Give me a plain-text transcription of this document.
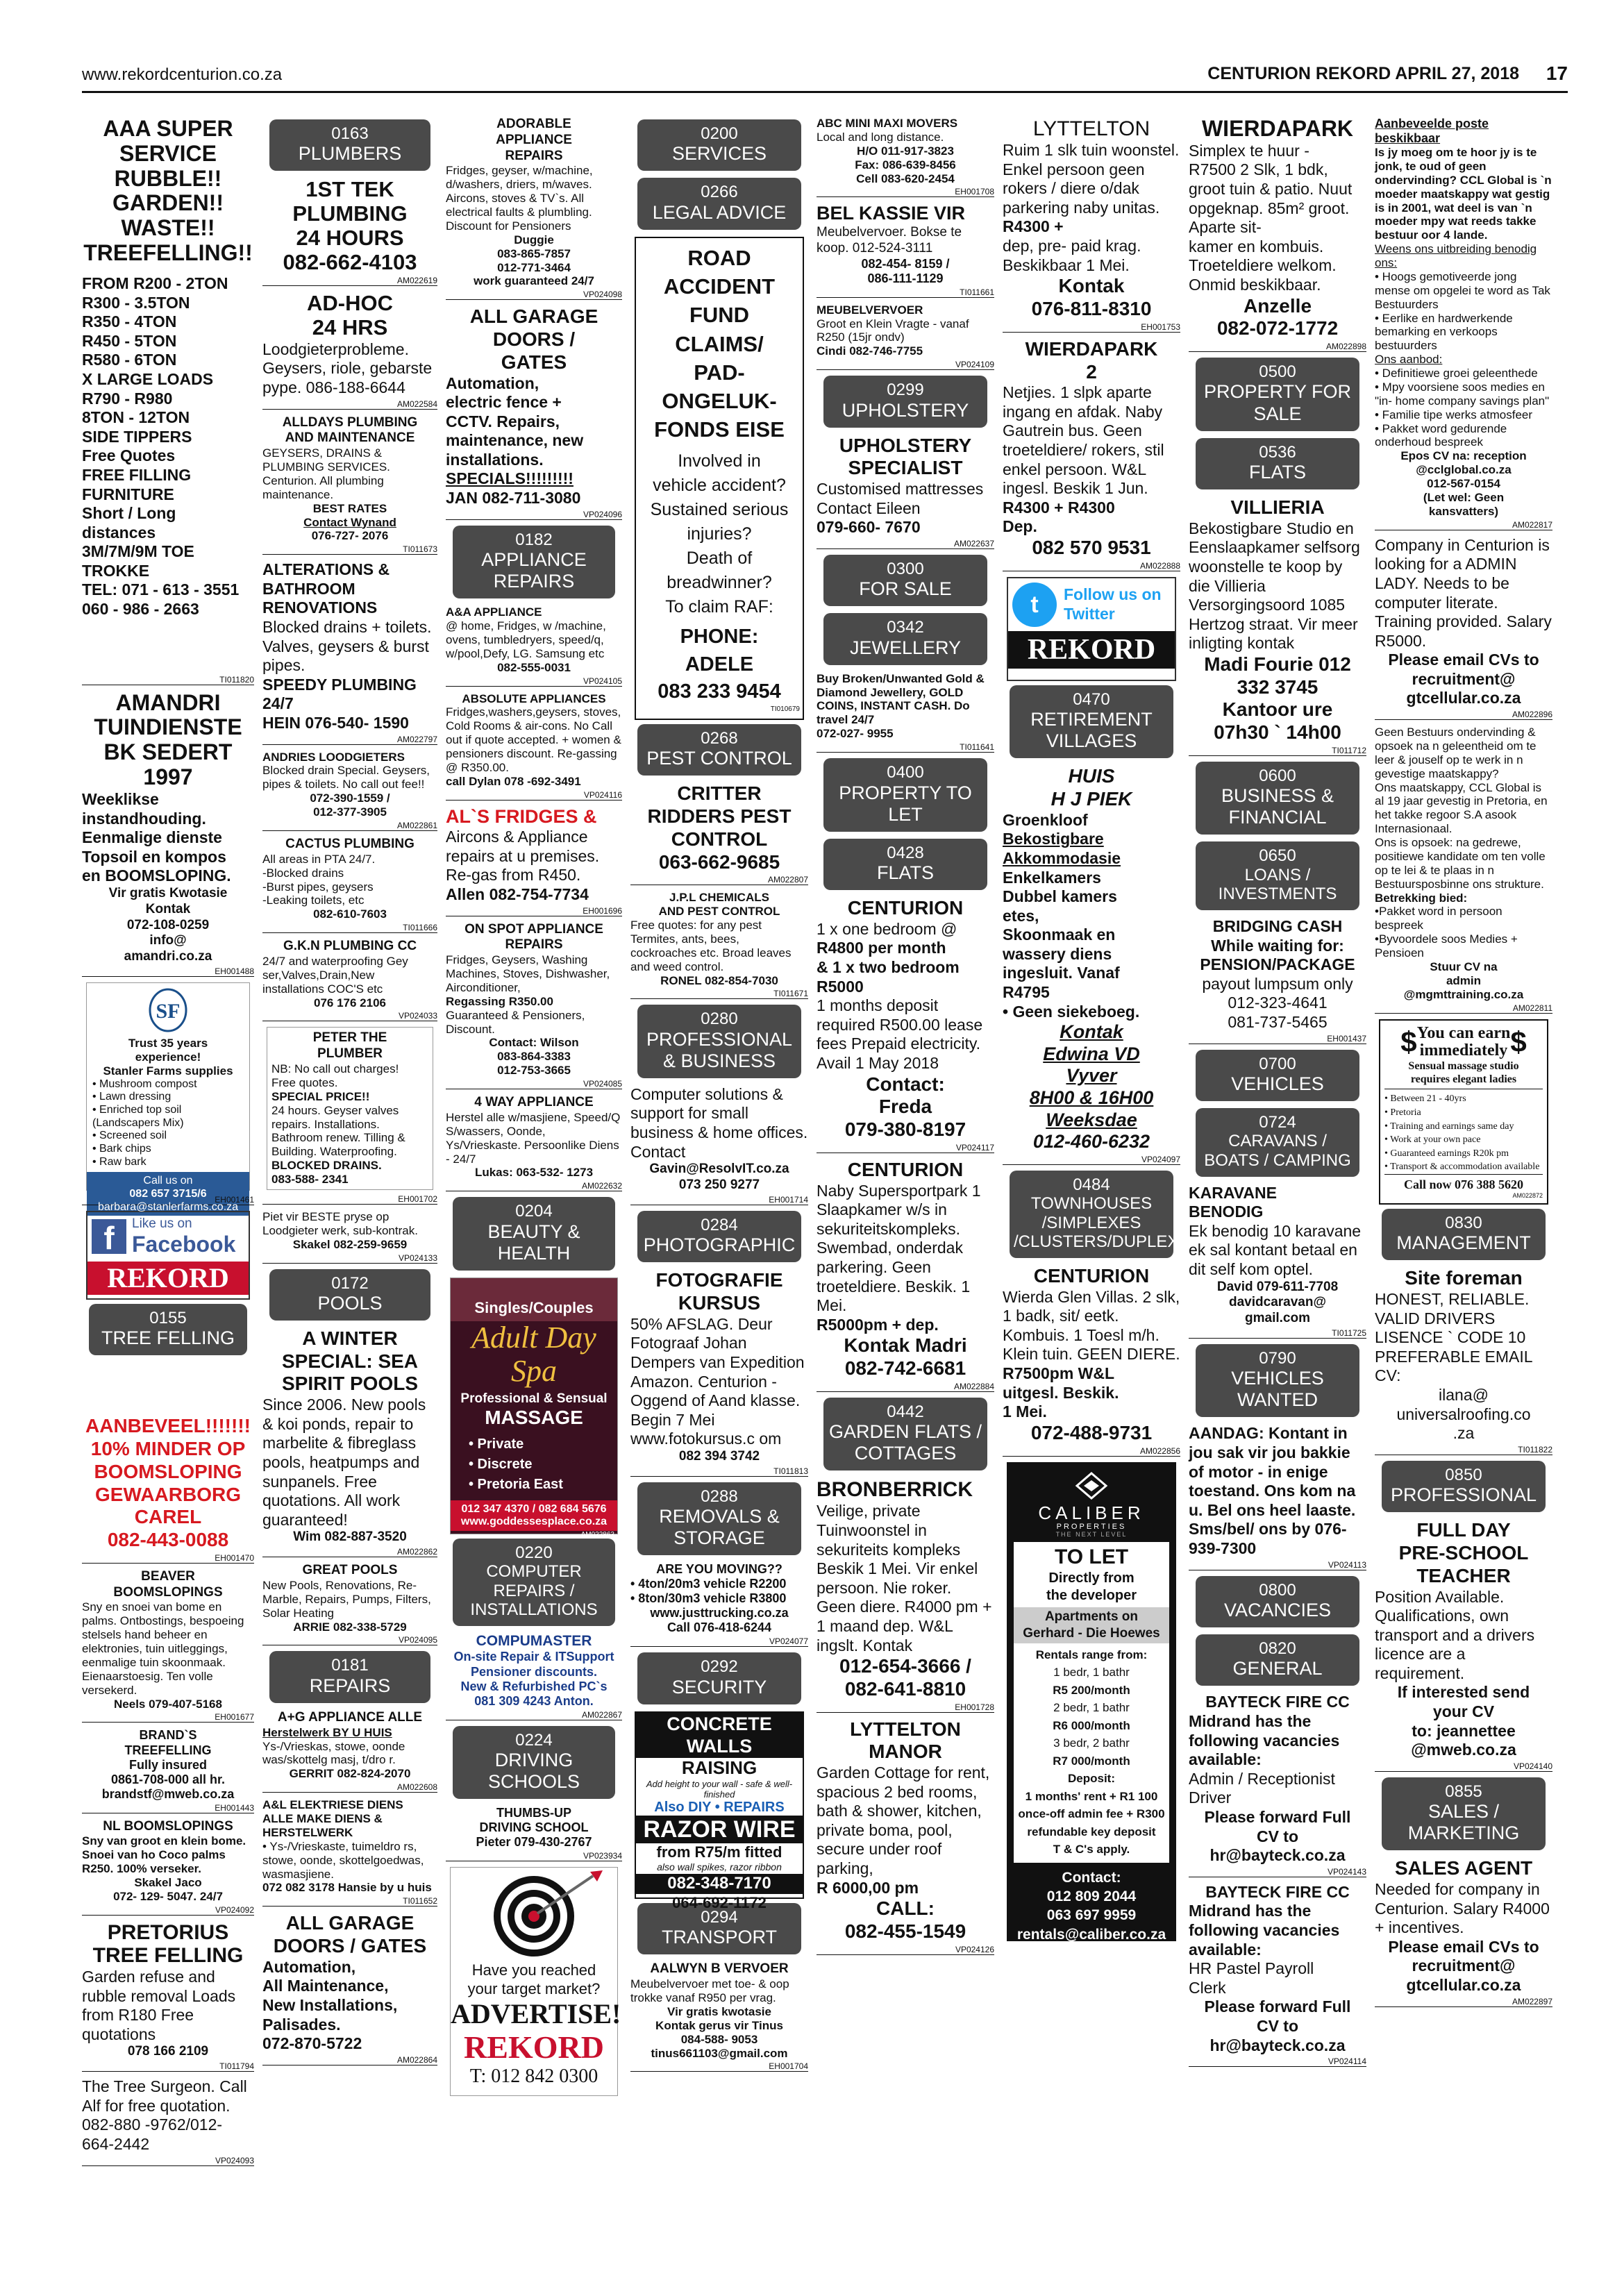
www.rekordcenturion.co.za	CENTURION REKORD APRIL 27, 2018 17

AAA SUPER

SERVICE

RUBBLE!!

GARDEN!!

WASTE!!

TREEFELLING!!

FROM R200 - 2TON

R300 - 3.5TON

R350 - 4TON

R450 - 5TON

R580 - 6TON

X LARGE LOADS

R790 - R980

8TON - 12TON

SIDE TIPPERS

Free Quotes

FREE FILLING

FURNITURE

Short / Long

distances

3M/7M/9M TOE

TROKKE

TEL: 071 - 613 - 3551

060 - 986 - 2663

TI011820

AMANDRI

TUINDIENSTE

BK SEDERT

1997

Weeklikse

instandhouding.

Eenmalige dienste

Topsoil en kompos

en BOOMSLOPING.

Vir gratis Kwotasie

Kontak

072-108-0259

info@

amandri.co.za

EH001488
SF

Trust 35 years

experience!

Stanler Farms supplies

• Mushroom compost

• Lawn dressing

• Enriched top soil

(Landscapers Mix)

• Screened soil

• Bark chips

• Raw bark

Call us on

082 657 3715/6

barbara@stanlerfarms.co.za

EH001461
f	Like us on

Facebook

REKORD
0155
TREE FELLING

AANBEVEEL!!!!!!!

10% MINDER OP

BOOMSLOPING

GEWAARBORG

CAREL

082-443-0088

EH001470

BEAVER

BOOMSLOPINGS

Sny en snoei van bome en palms. Ontbostings, bespoeing stelsels hand beheer en elektronies, tuin uitleggings, eenmalige tuin skoonmaak. Eienaarstoesig. Ten volle versekerd.

Neels 079-407-5168

EH001677

BRAND`S

TREEFELLING

Fully insured

0861-708-000 all hr.

brandstf@mweb.co.za

EH001443

NL BOOMSLOPINGS

Sny van groot en klein bome. Snoei van ho Coco palms R250. 100% verseker.

Skakel Jaco

072- 129- 5047. 24/7

VP024092

PRETORIUS

TREE FELLING

Garden refuse and rubble removal Loads from R180 Free quotations

078 166 2109

TI011794

The Tree Surgeon. Call Alf for free quotation. 082-880 -9762/012-664-2442

VP024093
0163
PLUMBERS

1ST TEK

PLUMBING

24 HOURS

082-662-4103

AM022619

AD-HOC

24 HRS

Loodgieterprobleme. Geysers, riole, gebarste pype. 086-188-6644

AM022584

ALLDAYS PLUMBING

AND MAINTENANCE

GEYSERS, DRAINS & PLUMBING SERVICES. Centurion. All plumbing maintenance.

BEST RATES

Contact Wynand

076-727- 2076

TI011673

ALTERATIONS &

BATHROOM

RENOVATIONS

Blocked drains + toilets. Valves, geysers & burst pipes.

SPEEDY PLUMBING

24/7

HEIN 076-540- 1590

AM022797

ANDRIES LOODGIETERS

Blocked drain Special. Geysers, pipes & toilets. No call out fee!!

072-390-1559 /

012-377-3905

AM022861

CACTUS PLUMBING

All areas in PTA 24/7.

-Blocked drains

-Burst pipes, geysers

-Leaking toilets, etc

082-610-7603

TI011666

G.K.N PLUMBING CC

24/7 and waterproofing Gey ser,Valves,Drain,New installations COC'S etc

076 176 2106

VP024033

PETER THE

PLUMBER

NB: No call out charges!

Free quotes.

SPECIAL PRICE!!

24 hours. Geyser valves repairs. Installations. Bathroom renew. Tilling & Building. Waterproofing.

BLOCKED DRAINS.

083-588- 2341

EH001702

Piet vir BESTE pryse op Loodgieter werk, sub-kontrak.

Skakel 082-259-9659

VP024133
0172
POOLS

A WINTER

SPECIAL: SEA

SPIRIT POOLS

Since 2006. New pools & koi ponds, repair to marbelite & fibreglass pools, heatpumps and sunpanels. Free quotations. All work guaranteed!

Wim 082-887-3520

AM022862

GREAT POOLS

New Pools, Renovations, Re-Marble, Repairs, Pumps, Filters, Solar Heating

ARRIE 082-338-5729

VP024095
0181
REPAIRS

A+G APPLIANCE ALLE

Herstelwerk BY U HUIS

Ys-/Vrieskas, stowe, oonde was/skottelg masj, t/dro r.

GERRIT 082-824-2070

AM022608

A&L ELEKTRIESE DIENS

ALLE MAKE DIENS &

HERSTELWERK

• Ys-/Vrieskaste, tuimeldro rs, stowe, oonde, skottelgoedwas, wasmasjiene.

072 082 3178 Hansie by u huis

TI011652

ALL GARAGE

DOORS / GATES

Automation,

All Maintenance,

New Installations,

Palisades.

072-870-5722

AM022864

ADORABLE

APPLIANCE

REPAIRS

Fridges, geyser, w/machine, d/washers, driers, m/waves. Aircons, stoves & TV`s. All electrical faults & plumbling. Discount for Pensioners

Duggie

083-865-7857

012-771-3464

work guaranteed 24/7

VP024098

ALL GARAGE

DOORS /

GATES

Automation,

electric fence +

CCTV. Repairs,

maintenance, new

installations.

SPECIALS!!!!!!!!!

JAN 082-711-3080

VP024096
0182
APPLIANCE REPAIRS

A&A APPLIANCE

@ home, Fridges, w /machine, ovens, tumbledryers, speed/q, w/pool,Defy, LG. Samsung etc

082-555-0031

VP024105

ABSOLUTE APPLIANCES

Fridges,washers,geysers, stoves, Cold Rooms & air-cons. No Call out if quote accepted. + women & pensioners discount. Re-gassing @ R350.00.

call Dylan 078 -692-3491

VP024116

AL`S FRIDGES &

Aircons & Appliance repairs at u premises. Re-gas from R450.

Allen 082-754-7734

EH001696

ON SPOT APPLIANCE

REPAIRS

Fridges, Geysers, Washing Machines, Stoves, Dishwasher, Airconditioner,

Regassing R350.00

Guaranteed & Pensioners, Discount.

Contact: Wilson

083-864-3383

012-753-3665

VP024085

4 WAY APPLIANCE

Herstel alle w/masjiene, Speed/Q S/wassers, Oonde, Ys/Vrieskaste. Persoonlike Diens - 24/7

Lukas: 063-532- 1273

AM022632
0204
BEAUTY & HEALTH
Singles/Couples
Adult Day Spa
Professional & Sensual
MASSAGE

• Private

• Discrete

• Pretoria East

012 347 4370 / 082 684 5676

www.goddessesplace.co.za

AM022863
0220
COMPUTER REPAIRS / INSTALLATIONS

COMPUMASTER

On-site Repair & ITSupport

Pensioner discounts.

New & Refurbished PC`s

081 309 4243 Anton.

AM022867
0224
DRIVING SCHOOLS

THUMBS-UP

DRIVING SCHOOL

Pieter 079-430-2767

VP023934

Have you reached

your target market?

ADVERTISE!
REKORD
T: 012 842 0300
0200
SERVICES
0266
LEGAL ADVICE

ROAD

ACCIDENT

FUND

CLAIMS/

PAD-

ONGELUK-

FONDS EISE

Involved in

vehicle accident?

Sustained serious

injuries?

Death of

breadwinner?

To claim RAF:

PHONE:

ADELE

083 233 9454

TI010679
0268
PEST CONTROL

CRITTER

RIDDERS PEST

CONTROL

063-662-9685

AM022807

J.P.L CHEMICALS

AND PEST CONTROL

Free quotes: for any pest Termites, ants, bees, cockroaches etc. Broad leaves and weed control.

RONEL 082-854-7030

TI011671
0280
PROFESSIONAL & BUSINESS

Computer solutions & support for small business & home offices. Contact

Gavin@ResolvIT.co.za

073 250 9277

EH001714
0284
PHOTOGRAPHIC

FOTOGRAFIE

KURSUS

50% AFSLAG. Deur Fotograaf Johan Dempers van Expedition Amazon. Centurion - Oggend of Aand klasse. Begin 7 Mei www.fotokursus.c om

082 394 3742

TI011813
0288
REMOVALS & STORAGE

ARE YOU MOVING??

• 4ton/20m3 vehicle R2200

• 8ton/30m3 vehicle R3800

www.justtrucking.co.za

Call 076-418-6244

VP024077
0292
SECURITY
CONCRETE WALLS
RAISING
Add height to your wall - safe & well-finished
Also DIY • REPAIRS
RAZOR WIRE
from R75/m fitted
also wall spikes, razor ribbon
082-348-7170
064-692-1172
0294
TRANSPORT

AALWYN B VERVOER

Meubelvervoer met toe- & oop trokke vanaf R950 per vrag.

Vir gratis kwotasie

Kontak gerus vir Tinus

084-588- 9053

tinus661103@gmail.com

EH001704

ABC MINI MAXI MOVERS

Local and long distance.

H/O 011-917-3823

Fax: 086-639-8456

Cell 083-620-2454

EH001708

BEL KASSIE VIR

Meubelvervoer. Bokse te koop. 012-524-3111

082-454- 8159 /

086-111-1129

TI011661

MEUBELVERVOER

Groot en Klein Vragte - vanaf R250 (15jr ondv)

Cindi 082-746-7755

VP024109
0299
UPHOLSTERY

UPHOLSTERY

SPECIALIST

Customised mattresses Contact Eileen

079-660- 7670

AM022637
0300
FOR SALE
0342
JEWELLERY

Buy Broken/Unwanted Gold & Diamond Jewellery, GOLD COINS, INSTANT CASH. Do travel 24/7

072-027- 9955

TI011641
0400
PROPERTY TO LET
0428
FLATS

CENTURION

1 x one bedroom @

R4800 per month

& 1 x two bedroom

R5000

1 months deposit required R500.00 lease fees Prepaid electricity. Avail 1 May 2018

Contact:

Freda

079-380-8197

VP024117

CENTURION

Naby Supersportpark 1 Slaapkamer w/s in sekuriteitskompleks. Swembad, onderdak parkering. Geen troeteldiere. Beskik. 1 Mei.

R5000pm + dep.

Kontak Madri

082-742-6681

AM022884
0442
GARDEN FLATS / COTTAGES

BRONBERRICK

Veilige, private Tuinwoonstel in sekuriteits kompleks Beskik 1 Mei. Vir enkel persoon. Nie roker. Geen diere. R4000 pm + 1 maand dep. W&L ingslt. Kontak

012-654-3666 /

082-641-8810

EH001728

LYTTELTON

MANOR

Garden Cottage for rent, spacious 2 bed rooms, bath & shower, kitchen, private boma, pool, secure under roof parking,

R 6000,00 pm

CALL:

082-455-1549

VP024126

LYTTELTON

Ruim 1 slk tuin woonstel. Enkel persoon geen rokers / diere o/dak parkering naby unitas.

R4300 +

dep, pre- paid krag. Beskikbaar 1 Mei.

Kontak

076-811-8310

EH001753

WIERDAPARK

2

Netjies. 1 slpk aparte ingang en afdak. Naby Gautrein bus. Geen troeteldiere/ rokers, stil enkel persoon. W&L ingesl. Beskik 1 Jun.

R4300 + R4300

Dep.

082 570 9531

AM022888
t	Follow us on

Twitter

REKORD
0470
RETIREMENT VILLAGES

HUIS

H J PIEK

Groenkloof

Bekostigbare

Akkommodasie

Enkelkamers

Dubbel kamers

etes,

Skoonmaak en

wassery diens

ingesluit. Vanaf

R4795

• Geen siekeboeg.

Kontak

Edwina VD

Vyver

8H00 & 16H00

Weeksdae

012-460-6232

VP024097
0484
TOWNHOUSES /SIMPLEXES /CLUSTERS/DUPLEXES

CENTURION

Wierda Glen Villas. 2 slk, 1 badk, sit/ eetk. Kombuis. 1 Toesl m/h. Klein tuin. GEEN DIERE.

R7500pm W&L

uitgesl. Beskik.

1 Mei.

072-488-9731

AM022856
CALIBER
PROPERTIES
THE NEXT LEVEL

TO LET

Directly from

the developer

Apartments on

Gerhard - Die Hoewes

Rentals range from:

1 bedr, 1 bathr

R5 200/month

2 bedr, 1 bathr

R6 000/month

3 bedr, 2 bathr

R7 000/month

Deposit:

1 months' rent + R1 100

once-off admin fee + R300

refundable key deposit

T & C's apply.

Contact:

012 809 2044

063 697 9959

rentals@caliber.co.za

www.caliber.co.za

AM022966

WIERDAPARK

Simplex te huur -

R7500 2 Slk, 1 bdk, groot tuin & patio. Nuut opgeknap. 85m² groot. Aparte sit-

kamer en kombuis. Troeteldiere welkom. Onmid beskikbaar.

Anzelle

082-072-1772

AM022898
0500
PROPERTY FOR SALE
0536
FLATS

VILLIERIA

Bekostigbare Studio en Eenslaapkamer selfsorg woonstelle te koop by die Villieria Versorgingsoord 1085 Hertzog straat. Vir meer inligting kontak

Madi Fourie 012

332 3745

Kantoor ure

07h30 ` 14h00

TI011712
0600
BUSINESS & FINANCIAL
0650
LOANS / INVESTMENTS

BRIDGING CASH

While waiting for:

PENSION/PACKAGE

payout lumpsum only

012-323-4641

081-737-5465

EH001437
0700
VEHICLES
0724
CARAVANS / BOATS / CAMPING

KARAVANE

BENODIG

Ek benodig 10 karavane ek sal kontant betaal en dit self kom optel.

David 079-611-7708

davidcaravan@

gmail.com

TI011725
0790
VEHICLES WANTED

AANDAG: Kontant in jou sak vir jou bakkie of motor - in enige toestand. Ons kom na u. Bel ons heel laaste. Sms/bel/ ons by 076-939-7300

VP024113
0800
VACANCIES
0820
GENERAL

BAYTECK FIRE CC

Midrand has the following vacancies available:

Admin / Receptionist

Driver

Please forward Full

CV to

hr@bayteck.co.za

VP024143

BAYTECK FIRE CC

Midrand has the following vacancies available:

HR Pastel Payroll

Clerk

Please forward Full

CV to

hr@bayteck.co.za

VP024114

Aanbeveelde poste

beskikbaar

Is jy moeg om te hoor jy is te jonk, te oud of geen ondervinding? CCL Global is `n moeder maatskappy wat gestig is in 2001, wat deel is van `n moeder mpy wat reeds takke bestuur oor 4 lande.

Weens ons uitbreiding benodig ons:

• Hoogs gemotiveerde jong mense om opgelei te word as Tak Bestuurders

• Eerlike en hardwerkende bemarking en verkoops bestuurders

Ons aanbod:

• Definitiewe groei geleenthede

• Mpy voorsiene soos medies en "in- home company savings plan"

• Familie tipe werks atmosfeer

• Pakket word gedurende onderhoud bespreek

Epos CV na: reception

@cclglobal.co.za

012-567-0154

(Let wel: Geen

kansvatters)

AM022817

Company in Centurion is looking for a ADMIN LADY. Needs to be computer literate. Training provided. Salary R5000.

Please email CVs to

recruitment@

gtcellular.co.za

AM022896

Geen Bestuurs ondervinding & opsoek na n geleentheid om te leer & jouself op te werk in n gevestige maatskappy?

Ons maatskappy, CCL Global is al 19 jaar gevestig in Pretoria, en het takke regoor S.A asook Internasionaal.

Ons is opsoek: na gedrewe, positiewe kandidate om ten volle op te lei & te plaas in n Bestuursposbinne ons strukture.

Betrekking bied:

•Pakket word in persoon bespreek

•Byvoordele soos Medies + Pensioen

Stuur CV na

admin

@mgmttraining.co.za

AM022811
$ You can earn

immediately $

Sensual massage studio

requires elegant ladies

• Between 21 - 40yrs

• Pretoria

• Training and earnings same day

• Work at your own pace

• Guaranteed earnings R20k pm

• Transport & accommodation available

Call now 076 388 5620
AM022872
0830
MANAGEMENT

Site foreman

HONEST, RELIABLE. VALID DRIVERS LISENCE ` CODE 10 PREFERABLE EMAIL CV:

ilana@

universalroofing.co

.za

TI011822
0850
PROFESSIONAL

FULL DAY

PRE-SCHOOL

TEACHER

Position Available. Qualifications, own transport and a drivers licence are a requirement.

If interested send

your CV

to: jeannettee

@mweb.co.za

VP024140
0855
SALES / MARKETING

SALES AGENT

Needed for company in Centurion. Salary R4000 + incentives.

Please email CVs to

recruitment@

gtcellular.co.za

AM022897
